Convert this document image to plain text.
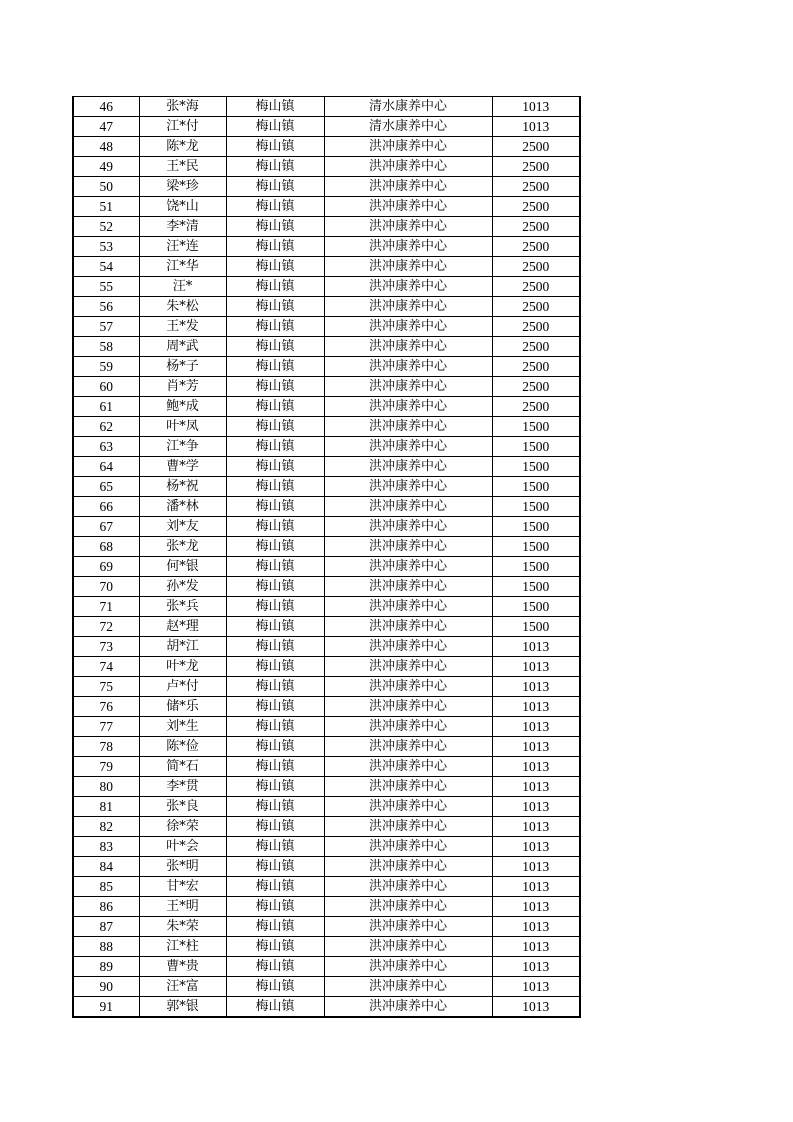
46	张*海	梅山镇	清水康养中心	1013
47	江*付	梅山镇	清水康养中心	1013
48	陈*龙	梅山镇	洪冲康养中心	2500
49	王*民	梅山镇	洪冲康养中心	2500
50	梁*珍	梅山镇	洪冲康养中心	2500
51	饶*山	梅山镇	洪冲康养中心	2500
52	李*清	梅山镇	洪冲康养中心	2500
53	汪*连	梅山镇	洪冲康养中心	2500
54	江*华	梅山镇	洪冲康养中心	2500
55	汪*	梅山镇	洪冲康养中心	2500
56	朱*松	梅山镇	洪冲康养中心	2500
57	王*发	梅山镇	洪冲康养中心	2500
58	周*武	梅山镇	洪冲康养中心	2500
59	杨*子	梅山镇	洪冲康养中心	2500
60	肖*芳	梅山镇	洪冲康养中心	2500
61	鲍*成	梅山镇	洪冲康养中心	2500
62	叶*凤	梅山镇	洪冲康养中心	1500
63	江*争	梅山镇	洪冲康养中心	1500
64	曹*学	梅山镇	洪冲康养中心	1500
65	杨*祝	梅山镇	洪冲康养中心	1500
66	潘*林	梅山镇	洪冲康养中心	1500
67	刘*友	梅山镇	洪冲康养中心	1500
68	张*龙	梅山镇	洪冲康养中心	1500
69	何*银	梅山镇	洪冲康养中心	1500
70	孙*发	梅山镇	洪冲康养中心	1500
71	张*兵	梅山镇	洪冲康养中心	1500
72	赵*理	梅山镇	洪冲康养中心	1500
73	胡*江	梅山镇	洪冲康养中心	1013
74	叶*龙	梅山镇	洪冲康养中心	1013
75	卢*付	梅山镇	洪冲康养中心	1013
76	储*乐	梅山镇	洪冲康养中心	1013
77	刘*生	梅山镇	洪冲康养中心	1013
78	陈*俭	梅山镇	洪冲康养中心	1013
79	简*石	梅山镇	洪冲康养中心	1013
80	李*贯	梅山镇	洪冲康养中心	1013
81	张*良	梅山镇	洪冲康养中心	1013
82	徐*荣	梅山镇	洪冲康养中心	1013
83	叶*会	梅山镇	洪冲康养中心	1013
84	张*明	梅山镇	洪冲康养中心	1013
85	甘*宏	梅山镇	洪冲康养中心	1013
86	王*明	梅山镇	洪冲康养中心	1013
87	朱*荣	梅山镇	洪冲康养中心	1013
88	江*柱	梅山镇	洪冲康养中心	1013
89	曹*贵	梅山镇	洪冲康养中心	1013
90	汪*富	梅山镇	洪冲康养中心	1013
91	郭*银	梅山镇	洪冲康养中心	1013
